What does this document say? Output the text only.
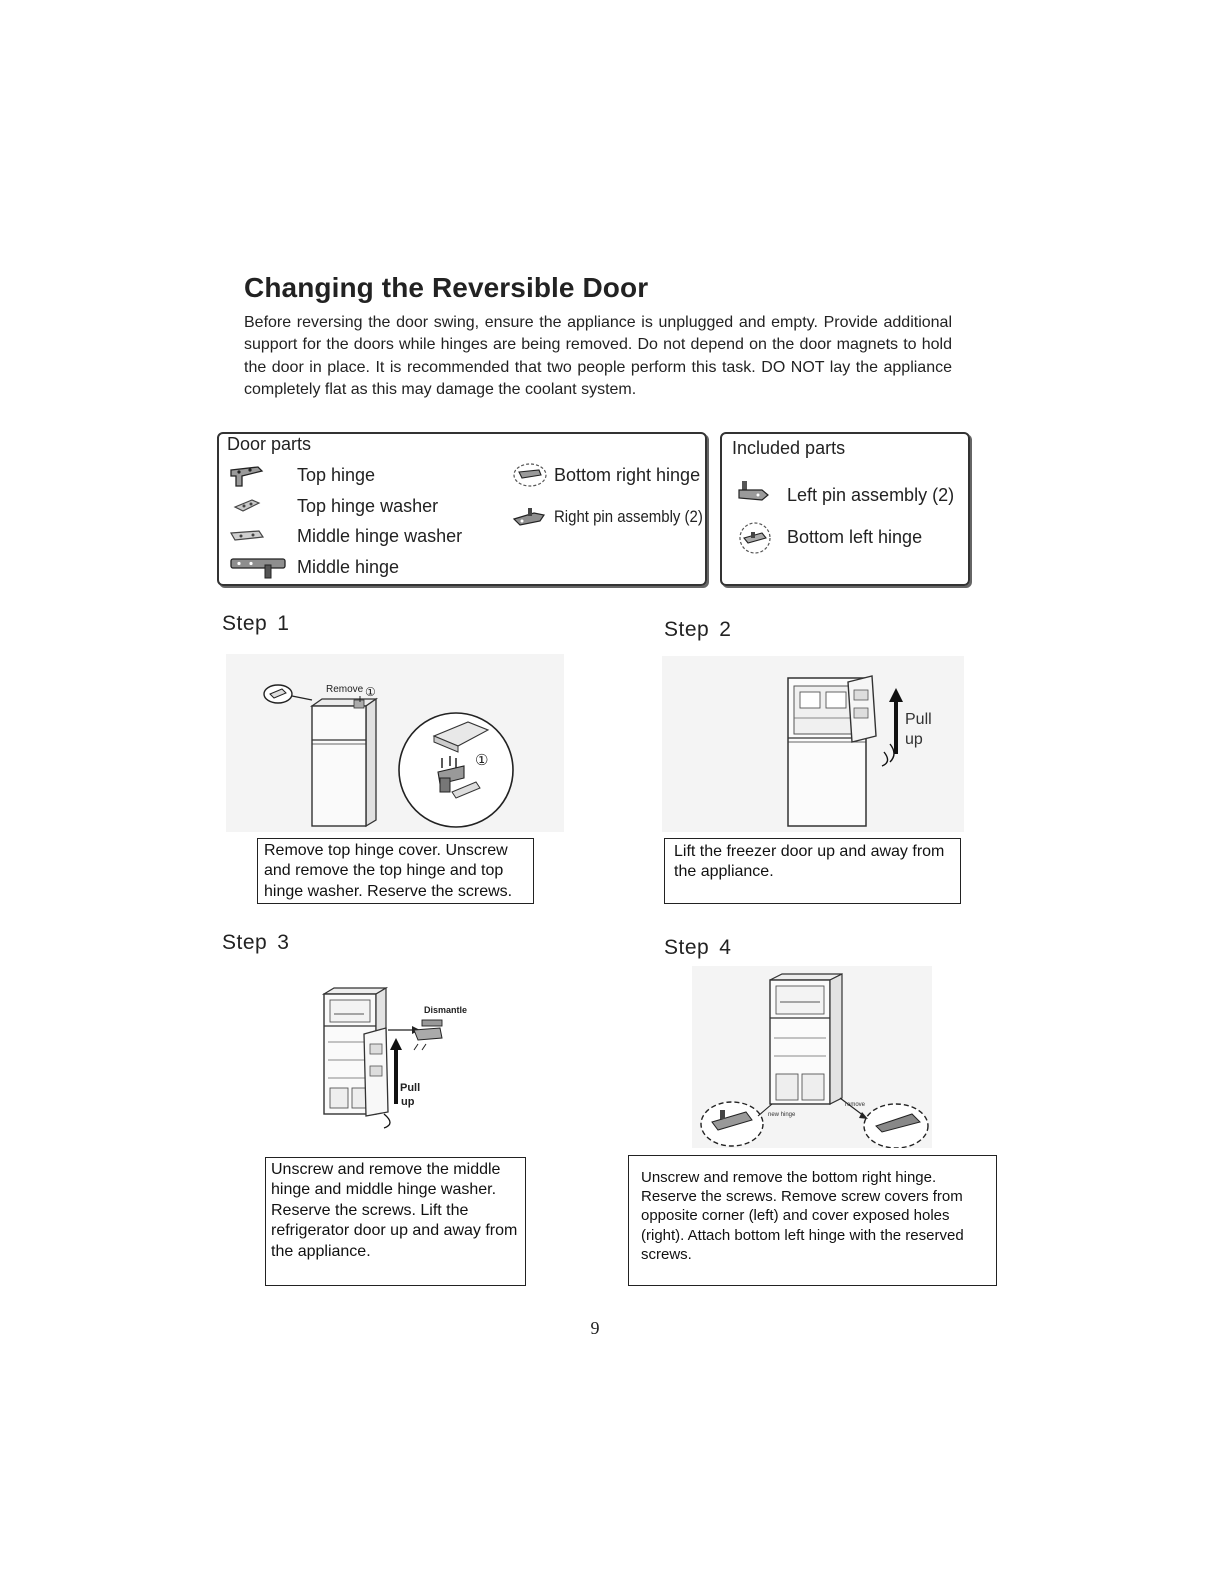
Changing the Reversible Door
Before reversing the door swing, ensure the appliance is unplugged and empty. Provide additional support for the doors while hinges are being removed. Do not depend on the door magnets to hold the door in place. It is recommended that two people perform this task. DO NOT lay the appliance completely flat as this may damage the coolant system.
Door parts
Top hinge
Top hinge washer
Middle hinge washer
Middle hinge
Bottom right hinge
Right pin assembly (2)
Included parts
Left pin assembly (2)
Bottom left hinge
Step 1
Remove ①
①
Remove top hinge cover. Unscrew and remove the top hinge and top hinge washer. Reserve the screws.
Step 2
Pull
up
Lift the freezer door up and away from the appliance.
Step 3
Dismantle
Pull
up
Unscrew and remove the middle hinge and middle hinge washer. Reserve the screws. Lift the refrigerator door up and away from the appliance.
Step 4
new hinge
remove
Unscrew and remove the bottom right hinge. Reserve the screws. Remove screw covers from opposite corner (left) and cover exposed holes (right). Attach bottom left hinge with the reserved screws.
9
